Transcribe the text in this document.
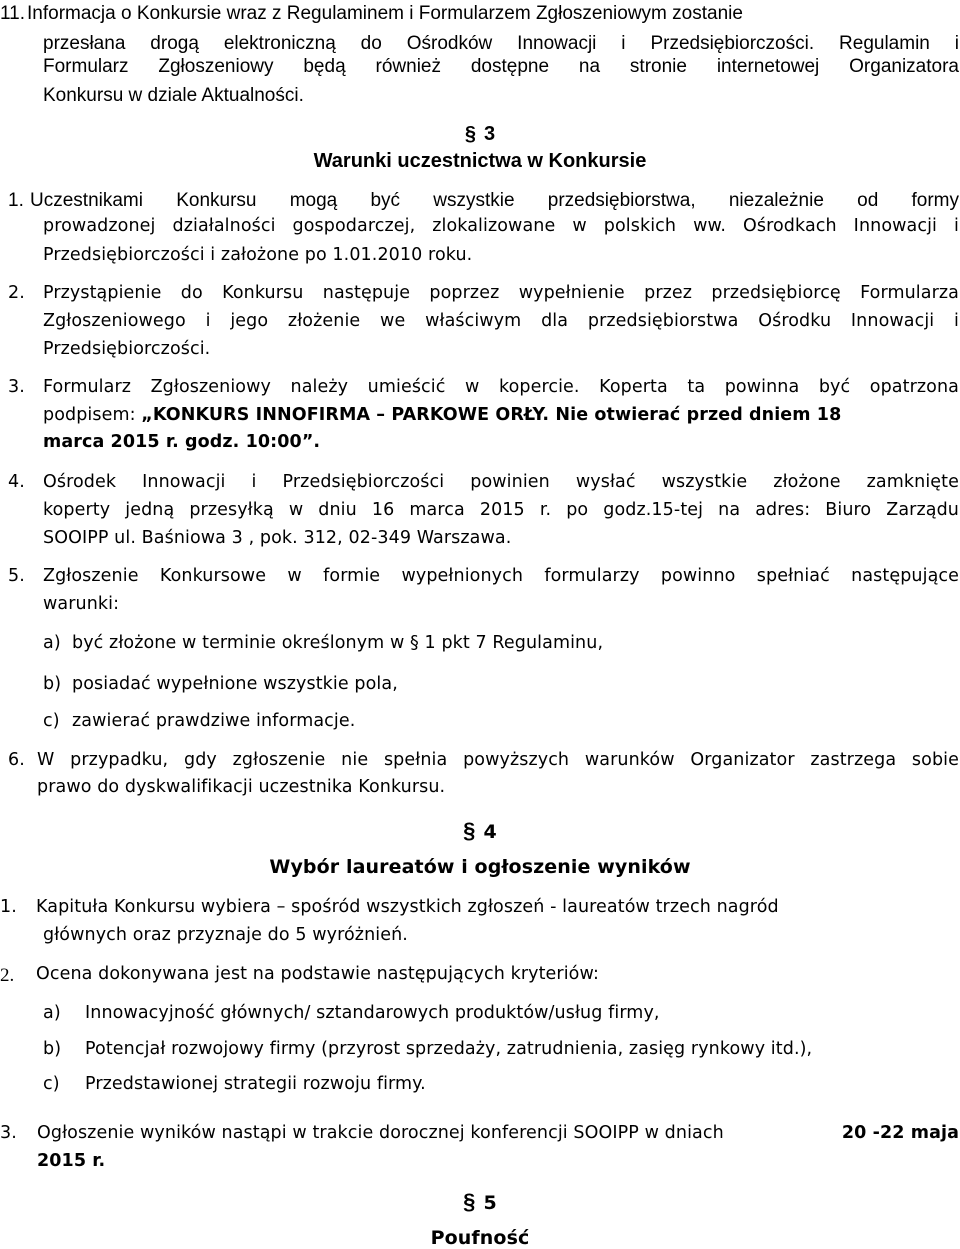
11. Informacja o Konkursie wraz z Regulaminem i Formularzem Zgłoszeniowym zostanie
przesłana drogą elektroniczną do Ośrodków Innowacji i Przedsiębiorczości. Regulamin i
Formularz Zgłoszeniowy będą również dostępne na stronie internetowej Organizatora
Konkursu w dziale Aktualności.
§ 3
Warunki uczestnictwa w Konkursie
1. Uczestnikami Konkursu mogą być wszystkie przedsiębiorstwa, niezależnie od formy
prowadzonej działalności gospodarczej, zlokalizowane w polskich ww. Ośrodkach Innowacji i
Przedsiębiorczości i założone po 1.01.2010 roku.
2. Przystąpienie do Konkursu następuje poprzez wypełnienie przez przedsiębiorcę Formularza
Zgłoszeniowego i jego złożenie we właściwym dla przedsiębiorstwa Ośrodku Innowacji i
Przedsiębiorczości.
3. Formularz Zgłoszeniowy należy umieścić w kopercie. Koperta ta powinna być opatrzona
podpisem: „KONKURS INNOFIRMA – PARKOWE ORŁY. Nie otwierać przed dniem 18
marca 2015 r. godz. 10:00”.
4. Ośrodek Innowacji i Przedsiębiorczości powinien wysłać wszystkie złożone zamknięte
koperty jedną przesyłką w dniu 16 marca 2015 r. po godz.15-tej na adres: Biuro Zarządu
SOOIPP ul. Baśniowa 3 , pok. 312, 02-349 Warszawa.
5. Zgłoszenie Konkursowe w formie wypełnionych formularzy powinno spełniać następujące
warunki:
a) być złożone w terminie określonym w § 1 pkt 7 Regulaminu,
b) posiadać wypełnione wszystkie pola,
c) zawierać prawdziwe informacje.
6. W przypadku, gdy zgłoszenie nie spełnia powyższych warunków Organizator zastrzega sobie
prawo do dyskwalifikacji uczestnika Konkursu.
§ 4
Wybór laureatów i ogłoszenie wyników
1. Kapituła Konkursu wybiera – spośród wszystkich zgłoszeń - laureatów trzech nagród
głównych oraz przyznaje do 5 wyróżnień.
2. Ocena dokonywana jest na podstawie następujących kryteriów:
a) Innowacyjność głównych/ sztandarowych produktów/usług firmy,
b) Potencjał rozwojowy firmy (przyrost sprzedaży, zatrudnienia, zasięg rynkowy itd.),
c) Przedstawionej strategii rozwoju firmy.
3. Ogłoszenie wyników nastąpi w trakcie dorocznej konferencji SOOIPP w dniach	20 -22 maja
2015 r.
§ 5
Poufność
